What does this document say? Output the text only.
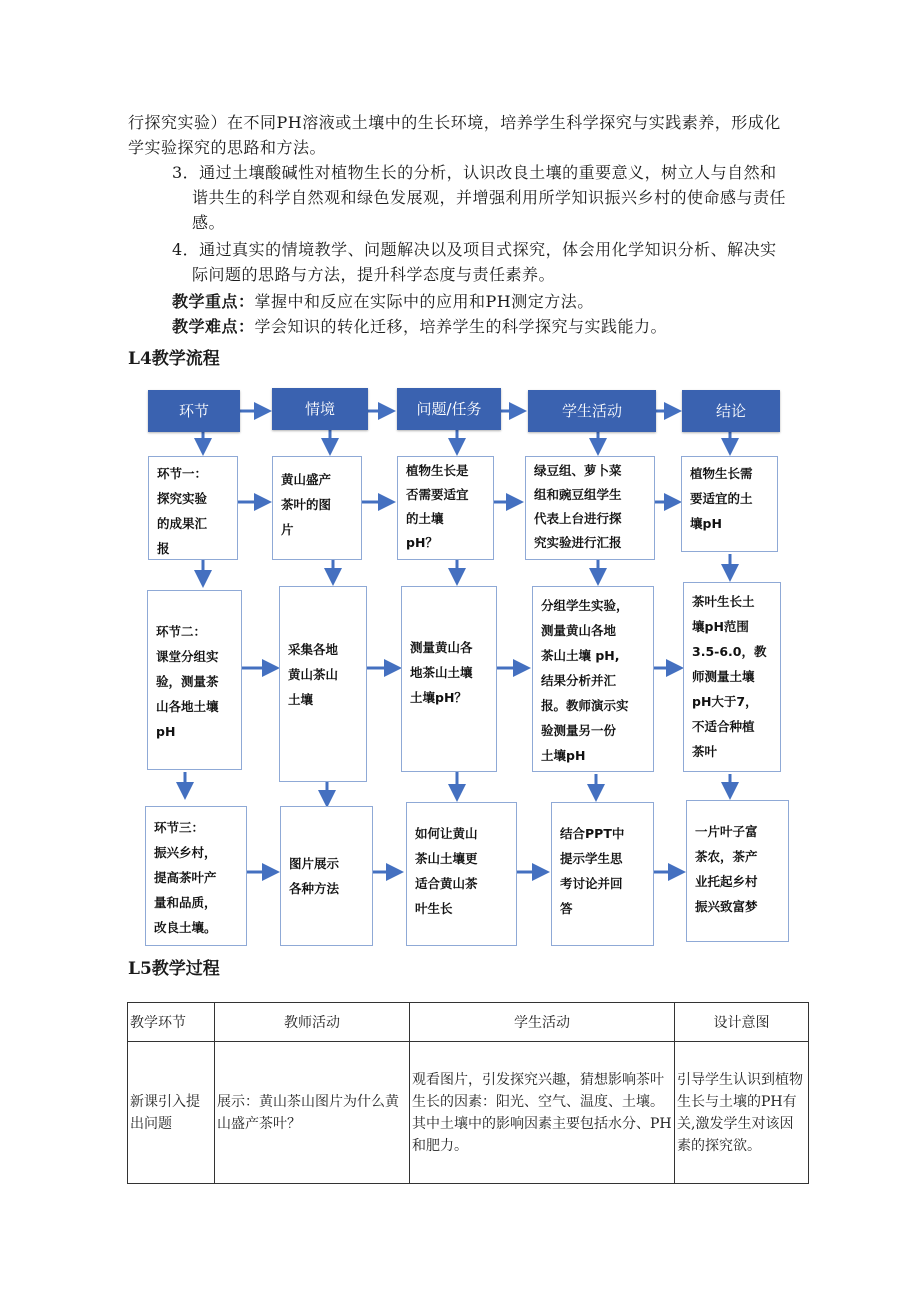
行探究实验）在不同PH溶液或土壤中的生长环境，培养学生科学探究与实践素养，形成化
学实验探究的思路和方法。
3．通过土壤酸碱性对植物生长的分析，认识改良土壤的重要意义，树立人与自然和
谐共生的科学自然观和绿色发展观，并增强利用所学知识振兴乡村的使命感与责任
感。
4．通过真实的情境教学、问题解决以及项目式探究，体会用化学知识分析、解决实
际问题的思路与方法，提升科学态度与责任素养。
教学重点：掌握中和反应在实际中的应用和PH测定方法。
教学难点：学会知识的转化迁移，培养学生的科学探究与实践能力。
L4教学流程
环节	情境	问题/任务	学生活动	结论
环节一：
探究实验
的成果汇
报
黄山盛产
茶叶的图
片
植物生长是
否需要适宜
的土壤
pH？
绿豆组、萝卜菜
组和豌豆组学生
代表上台进行探
究实验进行汇报
植物生长需
要适宜的土
壤pH
环节二：
课堂分组实
验，测量茶
山各地土壤
pH
采集各地
黄山茶山
土壤
测量黄山各
地茶山土壤
土壤pH？
分组学生实验，
测量黄山各地
茶山土壤 pH,
结果分析并汇
报。教师演示实
验测量另一份
土壤pH
茶叶生长土
壤pH范围
3.5-6.0，教
师测量土壤
pH大于7，
不适合种植
茶叶
环节三：
振兴乡村，
提高茶叶产
量和品质，
改良土壤。
图片展示
各种方法
如何让黄山
茶山土壤更
适合黄山茶
叶生长
结合PPT中
提示学生思
考讨论并回
答
一片叶子富
茶农，茶产
业托起乡村
振兴致富梦
L5教学过程
教学环节	教师活动	学生活动	设计意图
新课引入提出问题	展示：黄山茶山图片为什么黄山盛产茶叶？	观看图片，引发探究兴趣，猜想影响茶叶生长的因素：阳光、空气、温度、土壤。其中土壤中的影响因素主要包括水分、PH和肥力。	引导学生认识到植物生长与土壤的PH有关,激发学生对该因素的探究欲。
